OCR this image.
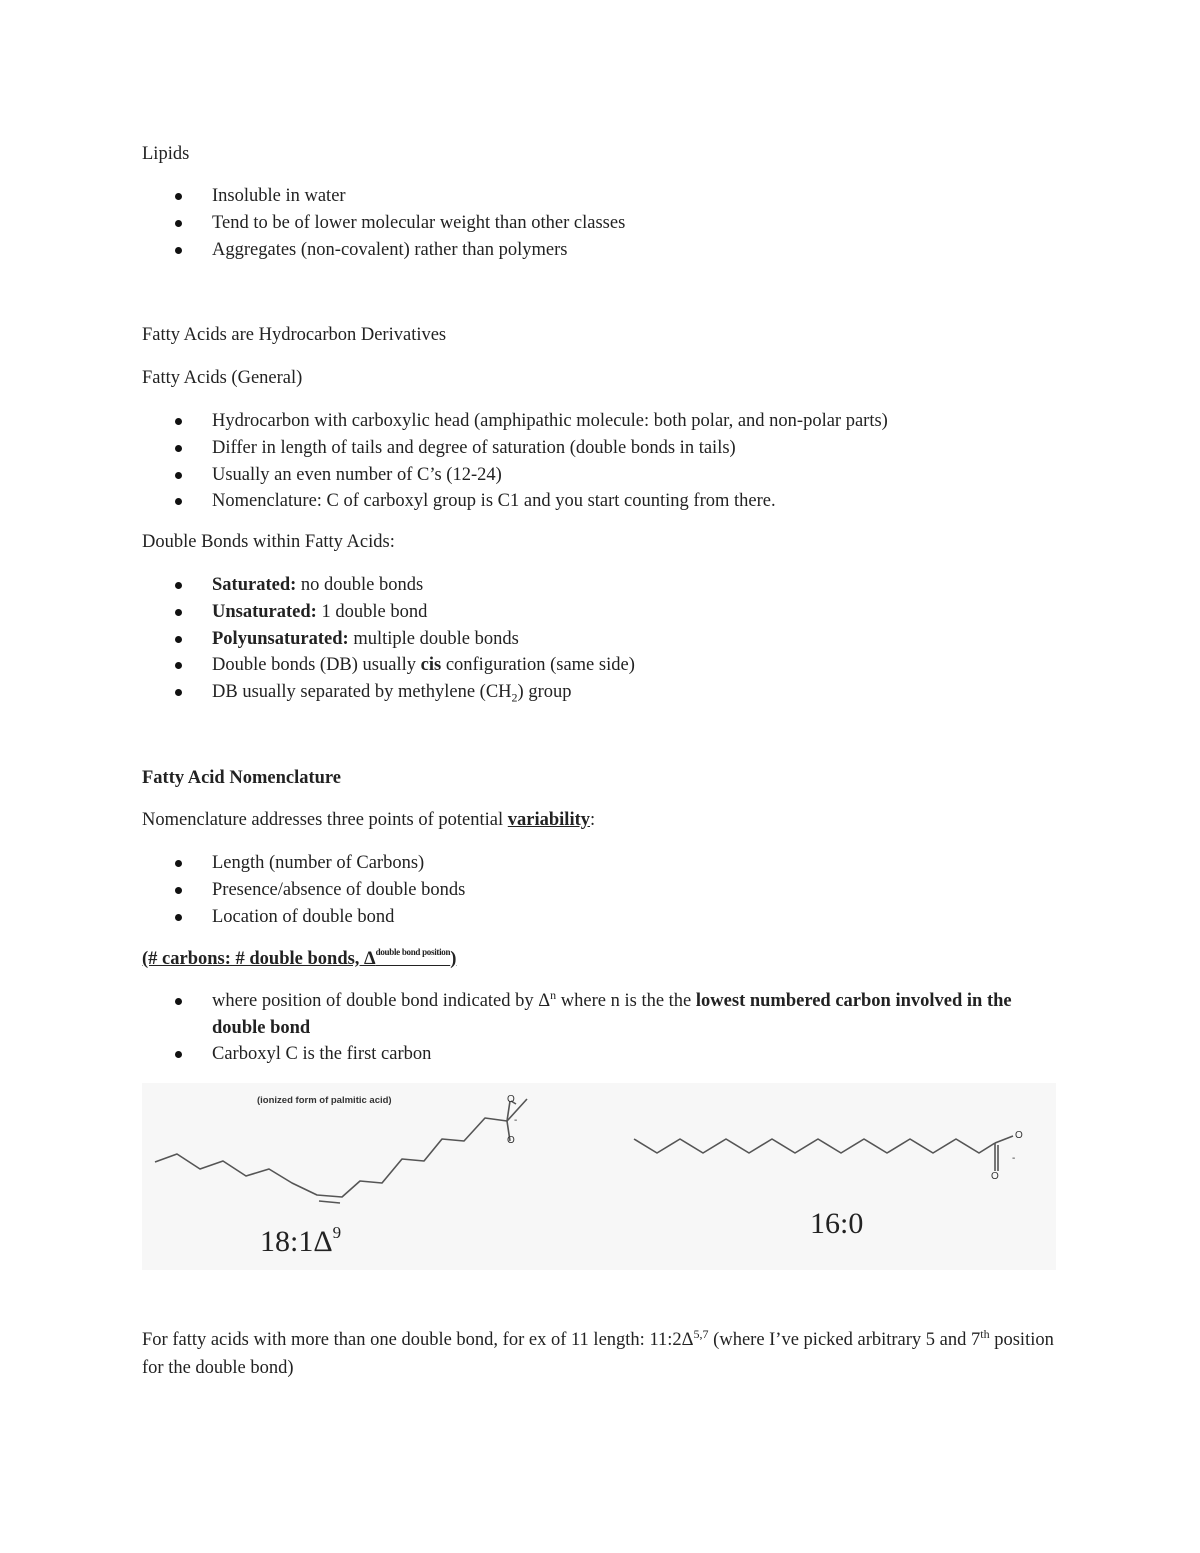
Lipids
Insoluble in water
Tend to be of lower molecular weight than other classes
Aggregates (non-covalent) rather than polymers
Fatty Acids are Hydrocarbon Derivatives
Fatty Acids (General)
Hydrocarbon with carboxylic head (amphipathic molecule: both polar, and non-polar parts)
Differ in length of tails and degree of saturation (double bonds in tails)
Usually an even number of C’s (12-24)
Nomenclature: C of carboxyl group is C1 and you start counting from there.
Double Bonds within Fatty Acids:
Saturated: no double bonds
Unsaturated: 1 double bond
Polyunsaturated: multiple double bonds
Double bonds (DB) usually cis configuration (same side)
DB usually separated by methylene $(CH_2)$ group
Fatty Acid Nomenclature
Nomenclature addresses three points of potential variability:
Length (number of Carbons)
Presence/absence of double bonds
Location of double bond
(# carbons: # double bonds, $\Delta^{double bond position}$)
where position of double bond indicated by $\Delta^n$ where n is the the lowest numbered carbon involved in the double bond
Carboxyl C is the first carbon
For fatty acids with more than one double bond, for ex of 11 length: $11:2\Delta^{5,7}$ (where I’ve picked arbitrary 5 and 7th position for the double bond)
(ionized form of palmitic acid)	O
O
-
O
O
-
$18:1\Delta^9$	16:0
